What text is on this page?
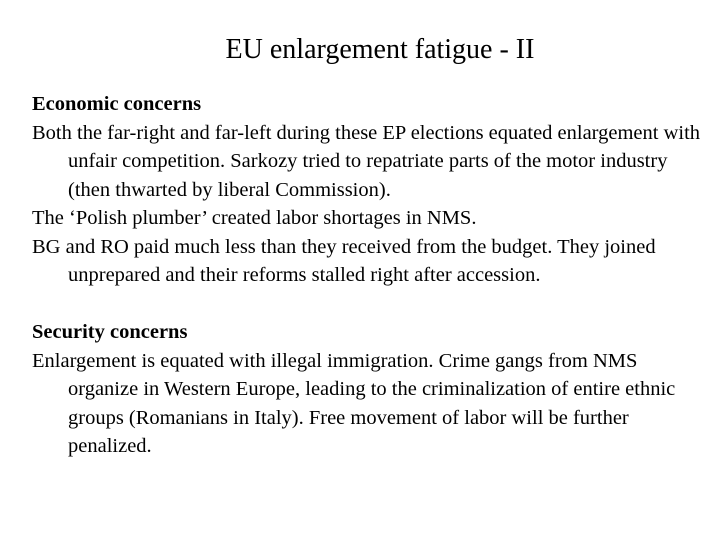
EU enlargement fatigue - II

Economic concerns

Both the far-right and far-left during these EP elections equated enlargement with unfair competition. Sarkozy tried to repatriate parts of the motor industry (then thwarted by liberal Commission).

The ‘Polish plumber’ created labor shortages in NMS.

BG and RO paid much less than they received from the budget. They joined unprepared and their reforms stalled right after accession.

Security concerns

Enlargement is equated with illegal immigration. Crime gangs from NMS organize in Western Europe, leading to the criminalization of entire ethnic groups (Romanians in Italy). Free movement of labor will be further penalized.
